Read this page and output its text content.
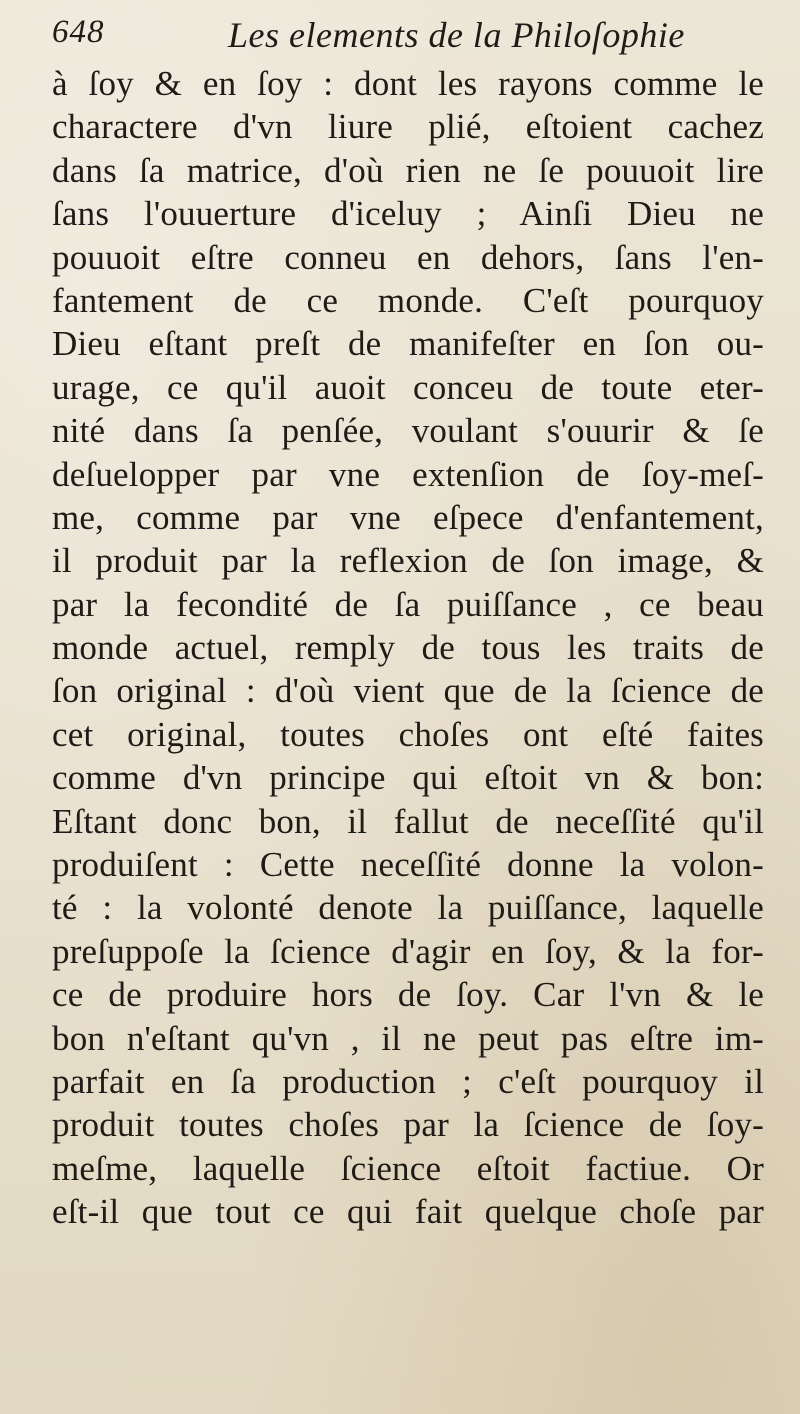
648	Les elements de la Philoſophie
à ſoy & en ſoy : dont les rayons comme le
charactere d'vn liure plié, eſtoient cachez
dans ſa matrice, d'où rien ne ſe pouuoit lire
ſans l'ouuerture d'iceluy ; Ainſi Dieu ne
pouuoit eſtre conneu en dehors, ſans l'en-
fantement de ce monde. C'eſt pourquoy
Dieu eſtant preſt de manifeſter en ſon ou-
urage, ce qu'il auoit conceu de toute eter-
nité dans ſa penſée, voulant s'ouurir & ſe
deſuelopper par vne extenſion de ſoy-meſ-
me, comme par vne eſpece d'enfantement,
il produit par la reflexion de ſon image, &
par la fecondité de ſa puiſſance , ce beau
monde actuel, remply de tous les traits de
ſon original : d'où vient que de la ſcience de
cet original, toutes choſes ont eſté faites
comme d'vn principe qui eſtoit vn & bon:
Eſtant donc bon, il fallut de neceſſité qu'il
produiſent : Cette neceſſité donne la volon-
té : la volonté denote la puiſſance, laquelle
preſuppoſe la ſcience d'agir en ſoy, & la for-
ce de produire hors de ſoy. Car l'vn & le
bon n'eſtant qu'vn , il ne peut pas eſtre im-
parfait en ſa production ; c'eſt pourquoy il
produit toutes choſes par la ſcience de ſoy-
meſme, laquelle ſcience eſtoit factiue. Or
eſt-il que tout ce qui fait quelque choſe par
